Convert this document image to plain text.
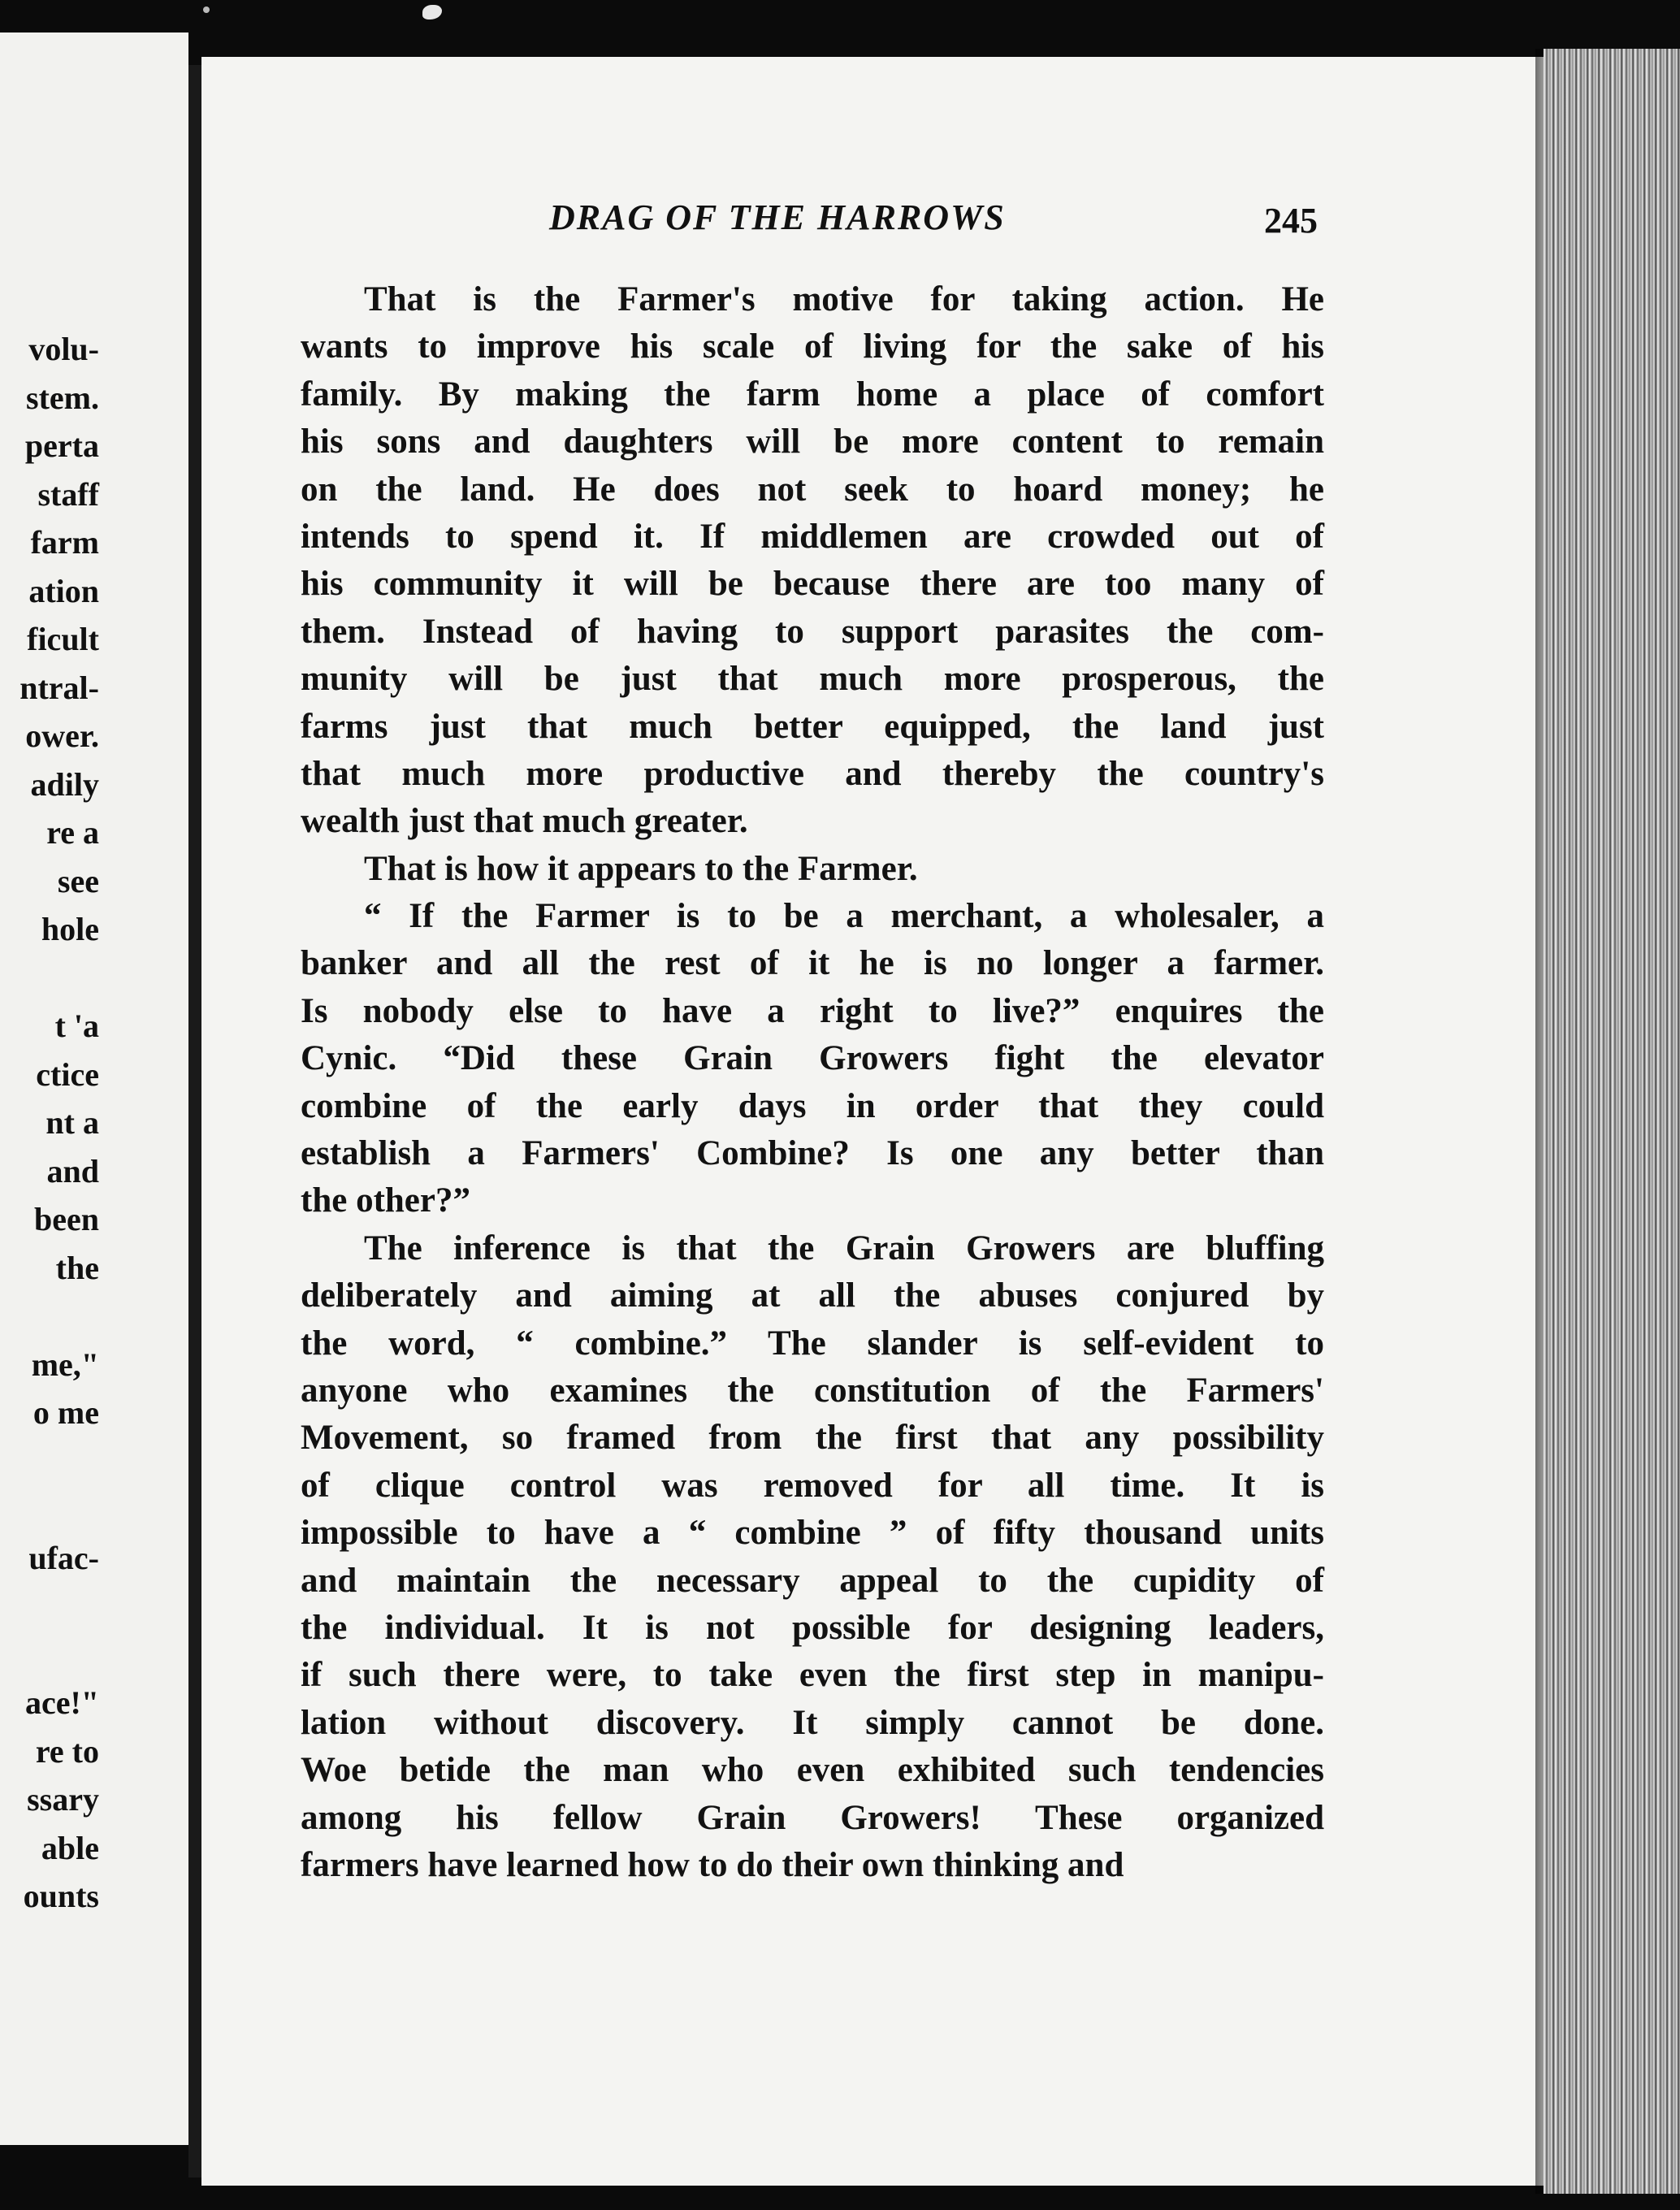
volu-
stem.
perta
staff
farm
ation
ficult
ntral-
ower.
adily
re a
see
hole
t 'a
ctice
nt a
and
been
the
me,"
o me
ufac-
ace!"
re to
ssary
able
ounts
DRAG OF THE HARROWS	245
That is the Farmer's motive for taking action. He
wants to improve his scale of living for the sake of his
family. By making the farm home a place of comfort
his sons and daughters will be more content to remain
on the land. He does not seek to hoard money; he
intends to spend it. If middlemen are crowded out of
his community it will be because there are too many of
them. Instead of having to support parasites the com-
munity will be just that much more prosperous, the
farms just that much better equipped, the land just
that much more productive and thereby the country's
wealth just that much greater.
That is how it appears to the Farmer.
“ If the Farmer is to be a merchant, a wholesaler, a
banker and all the rest of it he is no longer a farmer.
Is nobody else to have a right to live?” enquires the
Cynic. “Did these Grain Growers fight the elevator
combine of the early days in order that they could
establish a Farmers' Combine? Is one any better than
the other?”
The inference is that the Grain Growers are bluffing
deliberately and aiming at all the abuses conjured by
the word, “ combine.” The slander is self-evident to
anyone who examines the constitution of the Farmers'
Movement, so framed from the first that any possibility
of clique control was removed for all time. It is
impossible to have a “ combine ” of fifty thousand units
and maintain the necessary appeal to the cupidity of
the individual. It is not possible for designing leaders,
if such there were, to take even the first step in manipu-
lation without discovery. It simply cannot be done.
Woe betide the man who even exhibited such tendencies
among his fellow Grain Growers! These organized
farmers have learned how to do their own thinking and
